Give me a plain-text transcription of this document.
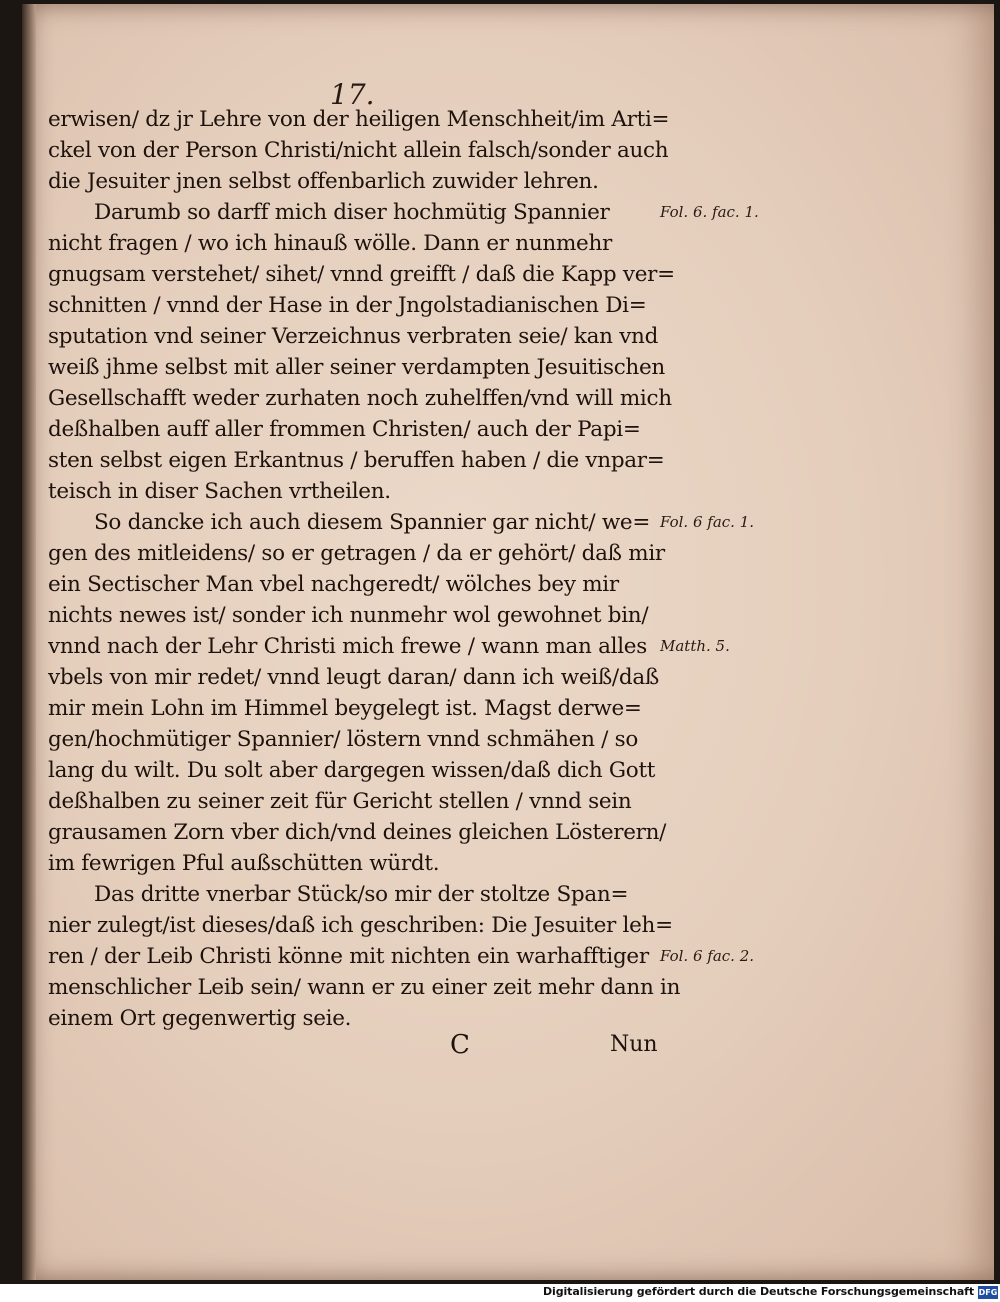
17.
erwisen/ dz jr Lehre von der heiligen Menschheit/im Arti=
ckel von der Person Christi/nicht allein falsch/sonder auch
die Jesuiter jnen selbst offenbarlich zuwider lehren.
Darumb so darff mich diser hochmütig Spannier
nicht fragen / wo ich hinauß wölle. Dann er nunmehr
gnugsam verstehet/ sihet/ vnnd greifft / daß die Kapp ver=
schnitten / vnnd der Hase in der Jngolstadianischen Di=
sputation vnd seiner Verzeichnus verbraten seie/ kan vnd
weiß jhme selbst mit aller seiner verdampten Jesuitischen
Gesellschafft weder zurhaten noch zuhelffen/vnd will mich
deßhalben auff aller frommen Christen/ auch der Papi=
sten selbst eigen Erkantnus / beruffen haben / die vnpar=
teisch in diser Sachen vrtheilen.
So dancke ich auch diesem Spannier gar nicht/ we=
gen des mitleidens/ so er getragen / da er gehört/ daß mir
ein Sectischer Man vbel nachgeredt/ wölches bey mir
nichts newes ist/ sonder ich nunmehr wol gewohnet bin/
vnnd nach der Lehr Christi mich frewe / wann man alles
vbels von mir redet/ vnnd leugt daran/ dann ich weiß/daß
mir mein Lohn im Himmel beygelegt ist. Magst derwe=
gen/hochmütiger Spannier/ löstern vnnd schmähen / so
lang du wilt. Du solt aber dargegen wissen/daß dich Gott
deßhalben zu seiner zeit für Gericht stellen / vnnd sein
grausamen Zorn vber dich/vnd deines gleichen Lösterern/
im fewrigen Pful außschütten würdt.
Das dritte vnerbar Stück/so mir der stoltze Span=
nier zulegt/ist dieses/daß ich geschriben: Die Jesuiter leh=
ren / der Leib Christi könne mit nichten ein warhafftiger
menschlicher Leib sein/ wann er zu einer zeit mehr dann in
einem Ort gegenwertig seie.
Fol. 6. fac. 1.
Fol. 6 fac. 1.
Matth. 5.
Fol. 6 fac. 2.
C	Nun
Digitalisierung gefördert durch die Deutsche Forschungsgemeinschaft DFG
